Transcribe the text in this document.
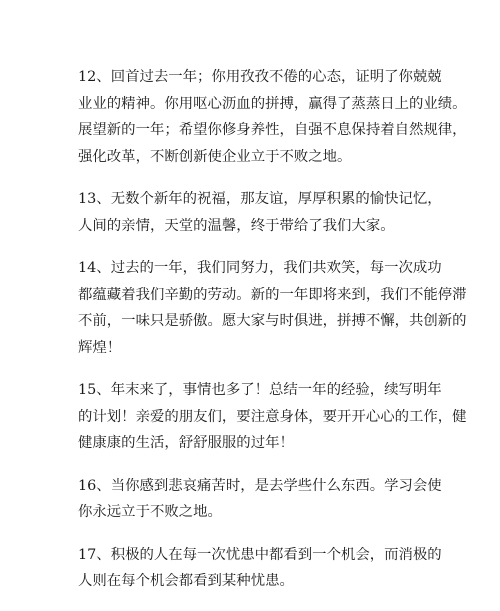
12、回首过去一年；你用孜孜不倦的心态，证明了你兢兢
业业的精神。你用呕心沥血的拼搏，赢得了蒸蒸日上的业绩。
展望新的一年；希望你修身养性，自强不息保持着自然规律，
强化改革，不断创新使企业立于不败之地。
13、无数个新年的祝福，那友谊，厚厚积累的愉快记忆，
人间的亲情，天堂的温馨，终于带给了我们大家。
14、过去的一年，我们同努力，我们共欢笑，每一次成功
都蕴藏着我们辛勤的劳动。新的一年即将来到，我们不能停滞
不前，一味只是骄傲。愿大家与时俱进，拼搏不懈，共创新的
辉煌！
15、年末来了，事情也多了！总结一年的经验，续写明年
的计划！亲爱的朋友们，要注意身体，要开开心心的工作，健
健康康的生活，舒舒服服的过年！
16、当你感到悲哀痛苦时，是去学些什么东西。学习会使
你永远立于不败之地。
17、积极的人在每一次忧患中都看到一个机会，而消极的
人则在每个机会都看到某种忧患。
